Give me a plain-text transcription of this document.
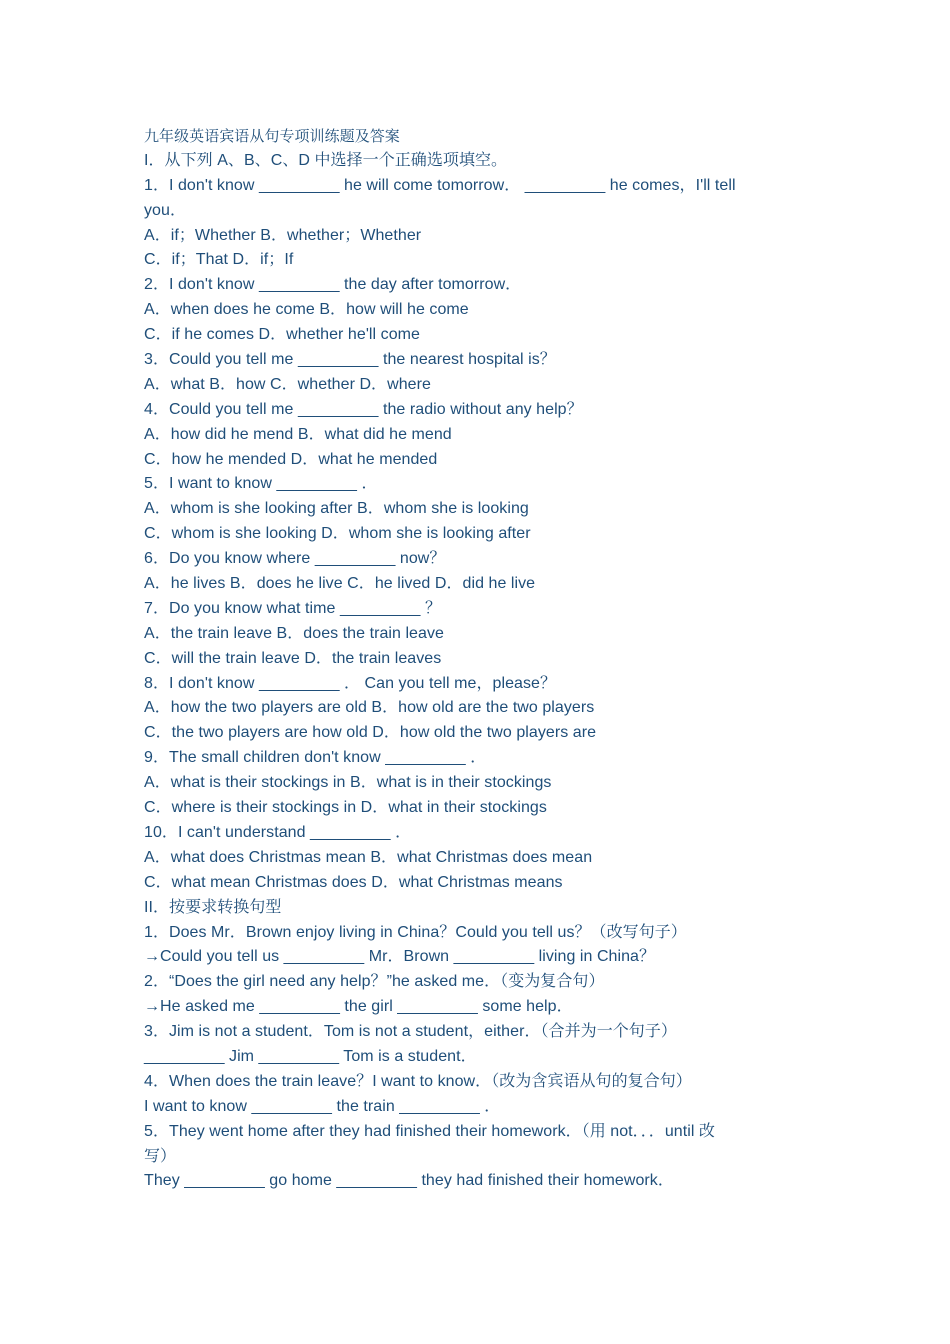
九年级英语宾语从句专项训练题及答案
I．从下列 A、B、C、D 中选择一个正确选项填空。
1．I don't know _________ he will come tomorrow． _________ he comes，I'll tell
you．
A．if；Whether B．whether；Whether
C．if；That D．if；If
2．I don't know _________ the day after tomorrow．
A．when does he come B．how will he come
C．if he comes D．whether he'll come
3．Could you tell me _________ the nearest hospital is？
A．what B．how C．whether D．where
4．Could you tell me _________ the radio without any help？
A．how did he mend B．what did he mend
C．how he mended D．what he mended
5．I want to know _________ ．
A．whom is she looking after B．whom she is looking
C．whom is she looking D．whom she is looking after
6．Do you know where _________ now？
A．he lives B．does he live C．he lived D．did he live
7．Do you know what time _________ ？
A．the train leave B．does the train leave
C．will the train leave D．the train leaves
8．I don't know _________ ． Can you tell me，please？
A．how the two players are old B．how old are the two players
C．the two players are how old D．how old the two players are
9．The small children don't know _________ ．
A．what is their stockings in B．what is in their stockings
C．where is their stockings in D．what in their stockings
10．I can't understand _________ ．
A．what does Christmas mean B．what Christmas does mean
C．what mean Christmas does D．what Christmas means
II．按要求转换句型
1．Does Mr．Brown enjoy living in China？Could you tell us？（改写句子）
→Could you tell us _________ Mr．Brown _________ living in China？
2．“Does the girl need any help？”he asked me．（变为复合句）
→He asked me _________ the girl _________ some help．
3．Jim is not a student．Tom is not a student，either．（合并为一个句子）
_________ Jim _________ Tom is a student．
4．When does the train leave？I want to know．（改为含宾语从句的复合句）
I want to know _________ the train _________ ．
5．They went home after they had finished their homework．（用 not．．．until 改
写）
They _________ go home _________ they had finished their homework．
